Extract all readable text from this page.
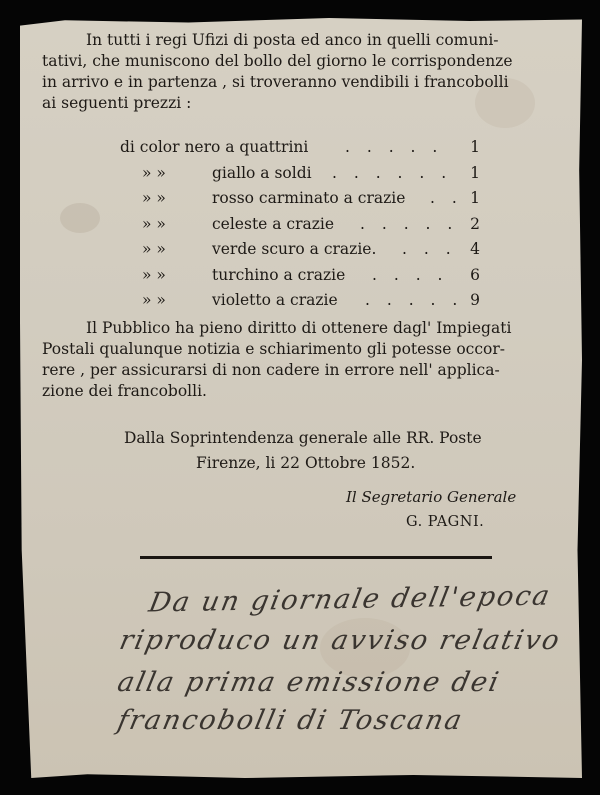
In tutti i regi Ufizi di posta ed anco in quelli comuni-
tativi, che muniscono del bollo del giorno le corrispondenze
in arrivo e in partenza , si troveranno vendibili i francobolli
ai seguenti prezzi :
di color nero a quattrini . . . . .	1
» »	giallo a soldi . . . . . .	1
» »	rosso carminato a crazie . . 1
» »	celeste a crazie . . . . . 2
» »	verde scuro a crazie. . . . 4
» »	turchino a crazie . . . .	6
» »	violetto a crazie . . . . . 9
Il Pubblico ha pieno diritto di ottenere dagl' Impiegati
Postali qualunque notizia e schiarimento gli potesse occor-
rere , per assicurarsi di non cadere in errore nell' applica-
zione dei francobolli.
Dalla Soprintendenza generale alle RR. Poste
Firenze, li 22 Ottobre 1852.
Il Segretario Generale
G. PAGNI.
Da un giornale dell'epoca
riproduco un avviso relativo
alla prima emissione dei
francobolli di Toscana
